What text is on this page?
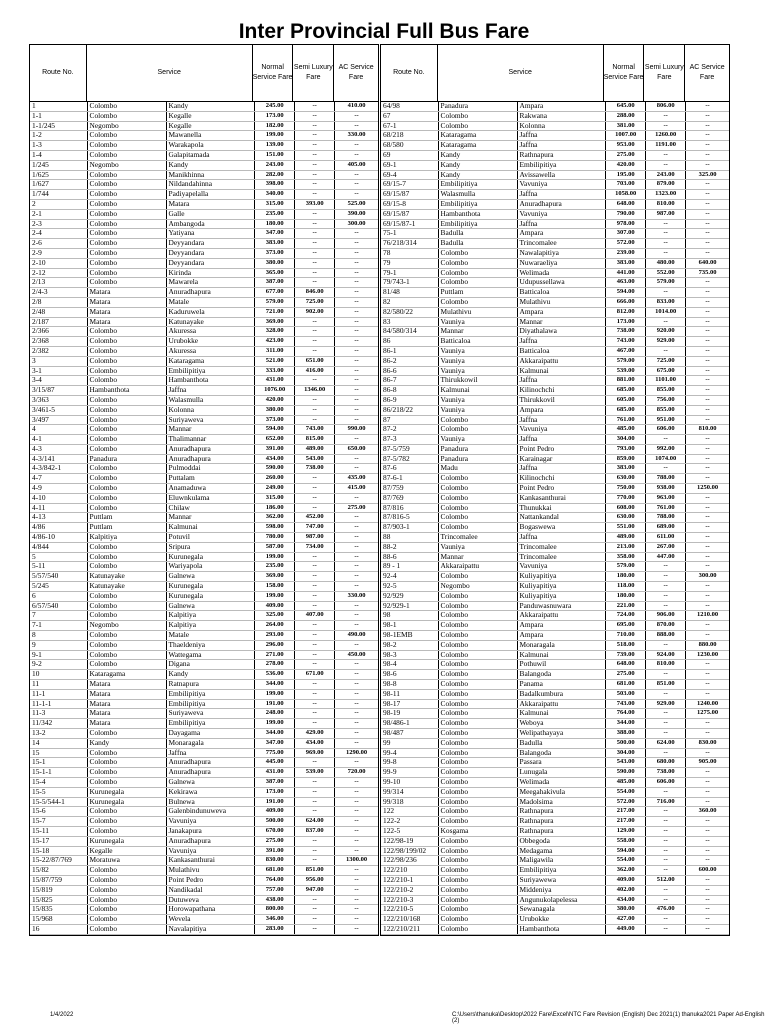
Inter Provincial Full Bus Fare
Route No.	Service
Normal Service Fare
Semi Luxury Fare
AC Service Fare
1	Colombo	Kandy	245.00	--	410.00
1-1	Colombo	Kegalle	173.00	--	--
1-1/245	Negombo	Kegalle	182.00	--	--
1-2	Colombo	Mawanella	199.00	--	330.00
1-3	Colombo	Warakapola	139.00	--	--
1-4	Colombo	Galapitamada	151.00	--	--
1/245	Negombo	Kandy	243.00	--	405.00
1/625	Colombo	Manikhinna	282.00	--	--
1/627	Colombo	Nildandahinna	398.00	--	--
1/744	Colombo	Padiyapelalla	340.00	--	--
2	Colombo	Matara	315.00	393.00	525.00
2-1	Colombo	Galle	235.00	--	390.00
2-3	Colombo	Ambangoda	180.00	--	300.00
2-4	Colombo	Yatiyana	347.00	--	--
2-6	Colombo	Deyyandara	383.00	--	--
2-9	Colombo	Deyyandara	373.00	--	--
2-10	Colombo	Deyyandara	380.00	--	--
2-12	Colombo	Kirinda	365.00	--	--
2/13	Colombo	Mawarela	387.00	--	--
2/4-3	Matara	Anuradhapura	677.00	846.00	--
2/8	Matara	Matale	579.00	725.00	--
2/48	Matara	Kaduruwela	721.00	902.00	--
2/187	Matara	Katunayake	369.00	--	--
2/366	Colombo	Akuressa	328.00	--	--
2/368	Colombo	Urubokke	423.00	--	--
2/382	Colombo	Akuressa	311.00	--	--
3	Colombo	Kataragama	521.00	651.00	--
3-1	Colombo	Embilipitiya	333.00	416.00	--
3-4	Colombo	Hambanthota	431.00	--	--
3/15/87	Hambanthota	Jaffna	1076.00	1346.00	--
3/363	Colombo	Walasmulla	420.00	--	--
3/461-5	Colombo	Kolonna	380.00	--	--
3/497	Colombo	Suriyaweva	373.00	--	--
4	Colombo	Mannar	594.00	743.00	990.00
4-1	Colombo	Thalimannar	652.00	815.00	--
4-3	Colombo	Anuradhapura	391.00	489.00	650.00
4-3/141	Panadura	Anuradhapura	434.00	543.00	--
4-3/842-1	Colombo	Pulmoddai	590.00	738.00	--
4-7	Colombo	Puttalam	260.00	--	435.00
4-9	Colombo	Anamaduwa	249.00	--	415.00
4-10	Colombo	Eluwnkulama	315.00	--	--
4-11	Colombo	Chilaw	186.00	--	275.00
4-13	Puttlam	Mannar	362.00	452.00	--
4/86	Puttlam	Kalmunai	598.00	747.00	--
4/86-10	Kalpitiya	Potuvil	780.00	987.00	--
4/844	Colombo	Sripura	587.00	734.00	--
5	Colombo	Kurunegala	199.00	--	--
5-11	Colombo	Wariyapola	235.00	--	--
5/57/540	Katunayake	Galnewa	369.00	--	--
5/245	Katunayake	Kurunegala	158.00	--	--
6	Colombo	Kurunegala	199.00	--	330.00
6/57/540	Colombo	Galnewa	409.00	--	--
7	Colombo	Kalpitiya	325.00	407.00	--
7-1	Negombo	Kalpitiya	264.00	--	--
8	Colombo	Matale	293.00	--	490.00
9	Colombo	Thaeldeniya	296.00	--	--
9-1	Colombo	Wattegama	271.00	--	450.00
9-2	Colombo	Digana	278.00	--	--
10	Kataragama	Kandy	536.00	671.00	--
11	Matara	Ratnapura	344.00	--	--
11-1	Matara	Embilipitiya	199.00	--	--
11-1-1	Matara	Embilipitiya	191.00	--	--
11-3	Matara	Suriyaweva	248.00	--	--
11/342	Matara	Embilipitiya	199.00	--	--
13-2	Colombo	Dayagama	344.00	429.00	--
14	Kandy	Monaragala	347.00	434.00	--
15	Colombo	Jaffna	775.00	969.00	1290.00
15-1	Colombo	Anuradhapura	445.00	--	--
15-1-1	Colombo	Anuradhapura	431.00	539.00	720.00
15-4	Colombo	Galnewa	387.00	--	--
15-5	Kurunegala	Kekirawa	173.00	--	--
15-5/544-1	Kurunegala	Bulnewa	191.00	--	--
15-6	Colombo	Galenbindunuweva	409.00	--	--
15-7	Colombo	Vavuniya	500.00	624.00	--
15-11	Colombo	Janakapura	670.00	837.00	--
15-17	Kurunegala	Anuradhapura	275.00	--	--
15-18	Kegalle	Vavuniya	391.00	--	--
15-22/87/769	Moratuwa	Kankasanthurai	830.00	--	1300.00
15/82	Colombo	Mulathivu	681.00	851.00	--
15/87/759	Colombo	Point Pedro	764.00	956.00	--
15/819	Colombo	Nandikadal	757.00	947.00	--
15/825	Colombo	Dutuweva	438.00	--	--
15/835	Colombo	Horowapathana	800.00	--	--
15/968	Colombo	Wevela	346.00	--	--
16	Colombo	Navalapitiya	283.00	--	--
Route No.	Service
Normal Service Fare
Semi Luxury Fare
AC Service Fare
64/98	Panadura	Ampara	645.00	806.00	--
67	Colombo	Rakwana	288.00	--	--
67-1	Colombo	Kolonna	381.00	--	--
68/218	Kataragama	Jaffna	1007.00	1260.00	--
68/580	Kataragama	Jaffna	953.00	1191.00	--
69	Kandy	Rathnapura	275.00	--	--
69-1	Kandy	Embilipitiya	420.00	--	--
69-4	Kandy	Avissawella	195.00	243.00	325.00
69/15-7	Embilipitiya	Vavuniya	703.00	879.00	--
69/15/87	Walasmulla	Jaffna	1058.00	1323.00	--
69/15-8	Embilipitiya	Anuradhapura	648.00	810.00	--
69/15/87	Hambanthota	Vavuniya	790.00	987.00	--
69/15/87-1	Embilipitiya	Jaffna	978.00	--	--
75-1	Badulla	Ampara	307.00	--	--
76/218/314	Badulla	Trincomalee	572.00	--	--
78	Colombo	Nawalapitiya	239.00	--	--
79	Colombo	Nuwaraeliya	383.00	480.00	640.00
79-1	Colombo	Welimada	441.00	552.00	735.00
79/743-1	Colombo	Udupussellawa	463.00	579.00	--
81/48	Puttlam	Batticaloa	594.00	--	--
82	Colombo	Mulathivu	666.00	833.00	--
82/580/22	Mulathivu	Ampara	812.00	1014.00	--
83	Vauniya	Mannar	173.00	--	--
84/580/314	Mannar	Diyathalawa	738.00	920.00	--
86	Batticaloa	Jaffna	743.00	929.00	--
86-1	Vauniya	Batticaloa	467.00	--	--
86-2	Vauniya	Akkaraipattu	579.00	725.00	--
86-6	Vauniya	Kalmunai	539.00	675.00	--
86-7	Thirukkowil	Jaffna	881.00	1101.00	--
86-8	Kalmunai	Kilinochchi	685.00	855.00	--
86-9	Vauniya	Thirukkovil	605.00	756.00	--
86/218/22	Vauniya	Ampara	685.00	855.00	--
87	Colombo	Jaffna	761.00	951.00	--
87-2	Colombo	Vavuniya	485.00	606.00	810.00
87-3	Vauniya	Jaffna	304.00	--	--
87-5/759	Panadura	Point Pedro	793.00	992.00	--
87-5/782	Panadura	Karainagar	859.00	1074.00	--
87-6	Madu	Jaffna	383.00	--	--
87-6-1	Colombo	Kilinochchi	630.00	788.00	--
87/759	Colombo	Point Pedro	750.00	938.00	1250.00
87/769	Colombo	Kankasanthurai	770.00	963.00	--
87/816	Colombo	Thunukkai	608.00	761.00	--
87/816-5	Colombo	Nattankandal	630.00	788.00	--
87/903-1	Colombo	Bogaswewa	551.00	689.00	--
88	Trincomalee	Jaffna	489.00	611.00	--
88-2	Vauniya	Trincomalee	213.00	267.00	--
88-6	Mannar	Trincomalee	358.00	447.00	--
89 - 1	Akkaraipattu	Vavuniya	579.00	--	--
92-4	Colombo	Kuliyapitiya	180.00	--	300.00
92-5	Negombo	Kuliyapitiya	118.00	--	--
92/929	Colombo	Kuliyapitiya	180.00	--	--
92/929-1	Colombo	Panduwasnuwara	221.00	--	--
98	Colombo	Akkaraipattu	724.00	906.00	1210.00
98-1	Colombo	Ampara	695.00	870.00	--
98-1EMB	Colombo	Ampara	710.00	888.00	--
98-2	Colombo	Monaragala	518.00	--	880.00
98-3	Colombo	Kalmunai	739.00	924.00	1230.00
98-4	Colombo	Pothuwil	648.00	810.00	--
98-6	Colombo	Balangoda	275.00	--	--
98-8	Colombo	Panama	681.00	851.00	--
98-11	Colombo	Badalkumbura	503.00	--	--
98-17	Colombo	Akkaraipattu	743.00	929.00	1240.00
98-19	Colombo	Kalmunai	764.00	--	1275.00
98/486-1	Colombo	Weboya	344.00	--	--
98/487	Colombo	Welipathayaya	388.00	--	--
99	Colombo	Badulla	500.00	624.00	830.00
99-4	Colombo	Balangoda	304.00	--	--
99-8	Colombo	Passara	543.00	680.00	905.00
99-9	Colombo	Lunugala	590.00	738.00	--
99-10	Colombo	Welimada	485.00	606.00	--
99/314	Colombo	Meegahakivula	554.00	--	--
99/318	Colombo	Madolsima	572.00	716.00	--
122	Colombo	Rathnapura	217.00	--	360.00
122-2	Colombo	Rathnapura	217.00	--	--
122-5	Kosgama	Rathnapura	129.00	--	--
122/98-19	Colombo	Obbegoda	558.00	--	--
122/98/199/02	Colombo	Medagama	594.00	--	--
122/98/236	Colombo	Maligawila	554.00	--	--
122/210	Colombo	Embilipitiya	362.00	--	600.00
122/210-1	Colombo	Suriyawewa	409.00	512.00	--
122/210-2	Colombo	Middeniya	402.00	--	--
122/210-3	Colombo	Angunukolapelessa	434.00	--	--
122/210-5	Colombo	Sewanagala	380.00	476.00	--
122/210/168	Colombo	Urubokke	427.00	--	--
122/210/211	Colombo	Hambanthota	449.00	--	--
1/4/2022	C:\Users\thanuka\Desktop\2022 Fare\Excel\NTC Fare Revision (English) Dec 2021(1) thanuka2021 Paper Ad-English (2)
